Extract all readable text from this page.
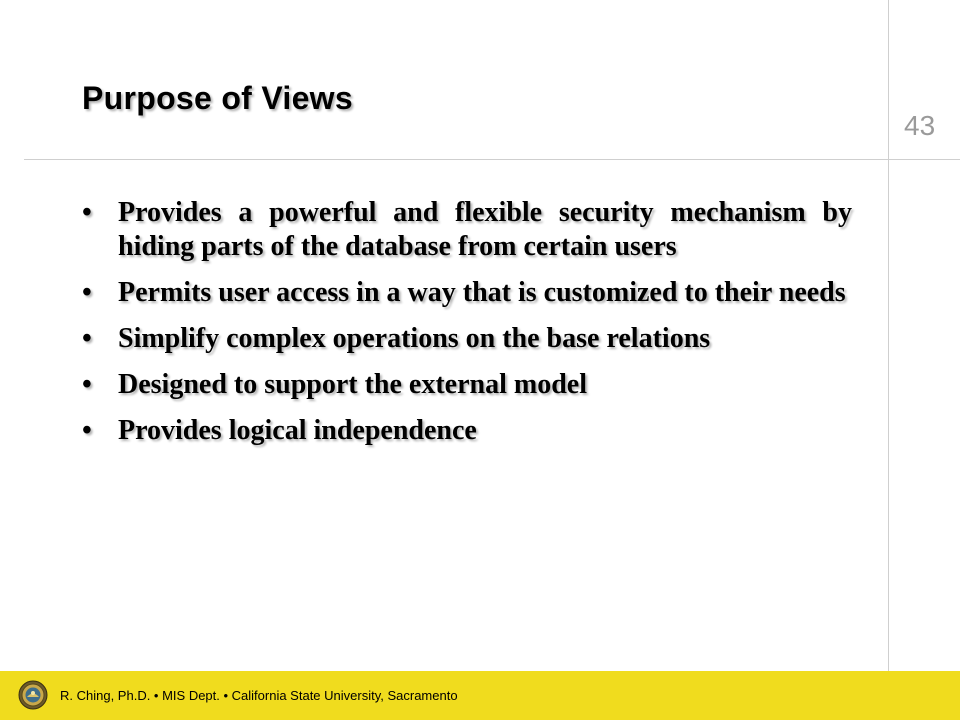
Purpose of Views
43
• Provides a powerful and flexible security mechanism by hiding parts of the database from certain users
• Permits user access in a way that is customized to their needs
• Simplify complex operations on the base relations
• Designed to support the external model
• Provides logical independence
R. Ching, Ph.D. • MIS Dept. • California State University, Sacramento
